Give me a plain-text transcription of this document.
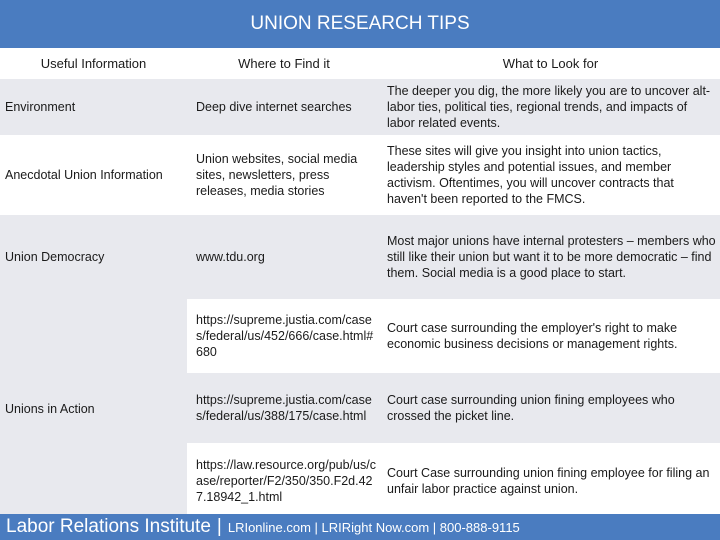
UNION RESEARCH TIPS
Useful Information	Where to Find it	What to Look for
Environment	Deep dive internet searches	The deeper you dig, the more likely you are to uncover alt-labor ties, political ties, regional trends, and impacts of labor related events.
Anecdotal Union Information	Union websites, social media sites, newsletters, press releases, media stories	These sites will give you insight into union tactics, leadership styles and potential issues, and member activism. Oftentimes, you will uncover contracts that haven't been reported to the FMCS.
Union Democracy	www.tdu.org	Most major unions have internal protesters – members who still like their union but want it to be more democratic – find them. Social media is a good place to start.
Unions in Action	https://supreme.justia.com/cases/federal/us/452/666/case.html#680	Court case surrounding the employer's right to make economic business decisions or management rights.
	https://supreme.justia.com/cases/federal/us/388/175/case.html	Court case surrounding union fining employees who crossed the picket line.
	https://law.resource.org/pub/us/case/reporter/F2/350/350.F2d.427.18942_1.html	Court Case surrounding union fining employee for filing an unfair labor practice against union.
Labor Relations Institute | LRIonline.com | LRIRight Now.com | 800-888-9115
